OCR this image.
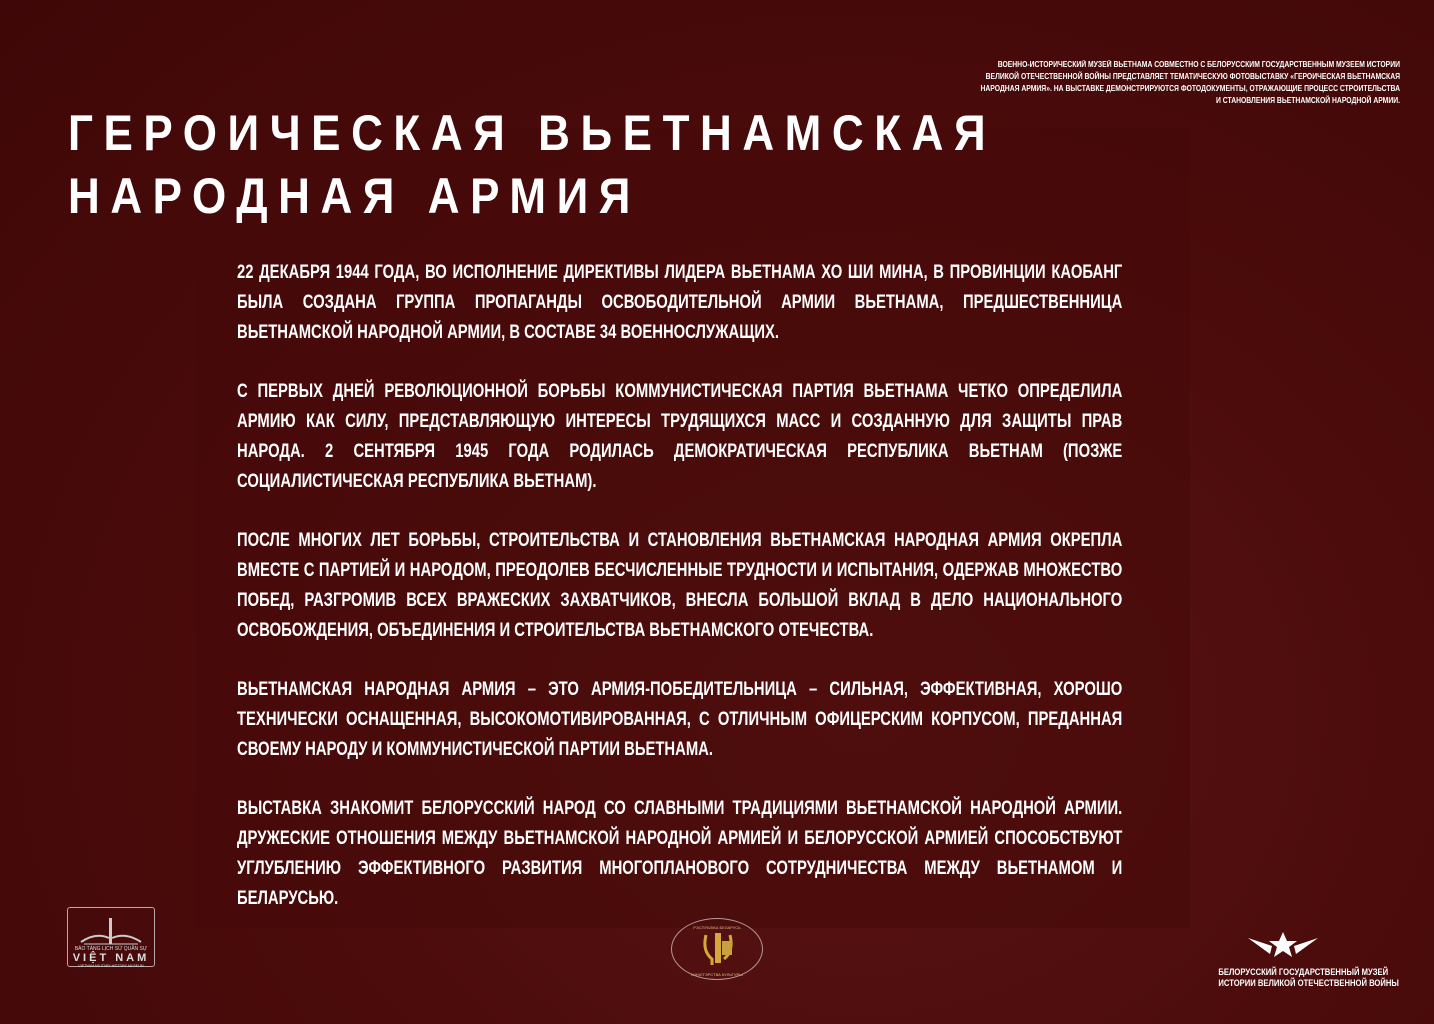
ВОЕННО-ИСТОРИЧЕСКИЙ МУЗЕЙ ВЬЕТНАМА СОВМЕСТНО С БЕЛОРУССКИМ ГОСУДАРСТВЕННЫМ МУЗЕЕМ ИСТОРИИ ВЕЛИКОЙ ОТЕЧЕСТВЕННОЙ ВОЙНЫ ПРЕДСТАВЛЯЕТ ТЕМАТИЧЕСКУЮ ФОТОВЫСТАВКУ «ГЕРОИЧЕСКАЯ ВЬЕТНАМСКАЯ НАРОДНАЯ АРМИЯ». НА ВЫСТАВКЕ ДЕМОНСТРИРУЮТСЯ ФОТОДОКУМЕНТЫ, ОТРАЖАЮЩИЕ ПРОЦЕСС СТРОИТЕЛЬСТВА И СТАНОВЛЕНИЯ ВЬЕТНАМСКОЙ НАРОДНОЙ АРМИИ.
ГЕРОИЧЕСКАЯ ВЬЕТНАМСКАЯ
НАРОДНАЯ АРМИЯ

22 ДЕКАБРЯ 1944 ГОДА, ВО ИСПОЛНЕНИЕ ДИРЕКТИВЫ ЛИДЕРА ВЬЕТНАМА ХО ШИ МИНА, В ПРОВИНЦИИ КАОБАНГ БЫЛА СОЗДАНА ГРУППА ПРОПАГАНДЫ ОСВОБОДИТЕЛЬНОЙ АРМИИ ВЬЕТНАМА, ПРЕДШЕСТВЕННИЦА ВЬЕТНАМСКОЙ НАРОДНОЙ АРМИИ, В СОСТАВЕ 34 ВОЕННОСЛУЖАЩИХ.

С ПЕРВЫХ ДНЕЙ РЕВОЛЮЦИОННОЙ БОРЬБЫ КОММУНИСТИЧЕСКАЯ ПАРТИЯ ВЬЕТНАМА ЧЕТКО ОПРЕДЕЛИЛА АРМИЮ КАК СИЛУ, ПРЕДСТАВЛЯЮЩУЮ ИНТЕРЕСЫ ТРУДЯЩИХСЯ МАСС И СОЗДАННУЮ ДЛЯ ЗАЩИТЫ ПРАВ НАРОДА. 2 СЕНТЯБРЯ 1945 ГОДА РОДИЛАСЬ ДЕМОКРАТИЧЕСКАЯ РЕСПУБЛИКА ВЬЕТНАМ (ПОЗЖЕ СОЦИАЛИСТИЧЕСКАЯ РЕСПУБЛИКА ВЬЕТНАМ).

ПОСЛЕ МНОГИХ ЛЕТ БОРЬБЫ, СТРОИТЕЛЬСТВА И СТАНОВЛЕНИЯ ВЬЕТНАМСКАЯ НАРОДНАЯ АРМИЯ ОКРЕПЛА ВМЕСТЕ С ПАРТИЕЙ И НАРОДОМ, ПРЕОДОЛЕВ БЕСЧИСЛЕННЫЕ ТРУДНОСТИ И ИСПЫТАНИЯ, ОДЕРЖАВ МНОЖЕСТВО ПОБЕД, РАЗГРОМИВ ВСЕХ ВРАЖЕСКИХ ЗАХВАТЧИКОВ, ВНЕСЛА БОЛЬШОЙ ВКЛАД В ДЕЛО НАЦИОНАЛЬНОГО ОСВОБОЖДЕНИЯ, ОБЪЕДИНЕНИЯ И СТРОИТЕЛЬСТВА ВЬЕТНАМСКОГО ОТЕЧЕСТВА.

ВЬЕТНАМСКАЯ НАРОДНАЯ АРМИЯ – ЭТО АРМИЯ-ПОБЕДИТЕЛЬНИЦА – СИЛЬНАЯ, ЭФФЕКТИВНАЯ, ХОРОШО ТЕХНИЧЕСКИ ОСНАЩЕННАЯ, ВЫСОКОМОТИВИРОВАННАЯ, С ОТЛИЧНЫМ ОФИЦЕРСКИМ КОРПУСОМ, ПРЕДАННАЯ СВОЕМУ НАРОДУ И КОММУНИСТИЧЕСКОЙ ПАРТИИ ВЬЕТНАМА.

ВЫСТАВКА ЗНАКОМИТ БЕЛОРУССКИЙ НАРОД СО СЛАВНЫМИ ТРАДИЦИЯМИ ВЬЕТНАМСКОЙ НАРОДНОЙ АРМИИ. ДРУЖЕСКИЕ ОТНОШЕНИЯ МЕЖДУ ВЬЕТНАМСКОЙ НАРОДНОЙ АРМИЕЙ И БЕЛОРУССКОЙ АРМИЕЙ СПОСОБСТВУЮТ УГЛУБЛЕНИЮ ЭФФЕКТИВНОГО РАЗВИТИЯ МНОГОПЛАНОВОГО СОТРУДНИЧЕСТВА МЕЖДУ ВЬЕТНАМОМ И БЕЛАРУСЬЮ.

BẢO TÀNG LỊCH SỬ QUÂN SỰ
VIỆT NAM
VIETNAM MILITARY HISTORY MUSEUM
РЭСПУБЛІКА БЕЛАРУСЬ
МІНІСТЭРСТВА КУЛЬТУРЫ	БЕЛОРУССКИЙ ГОСУДАРСТВЕННЫЙ МУЗЕЙ
ИСТОРИИ ВЕЛИКОЙ ОТЕЧЕСТВЕННОЙ ВОЙНЫ
